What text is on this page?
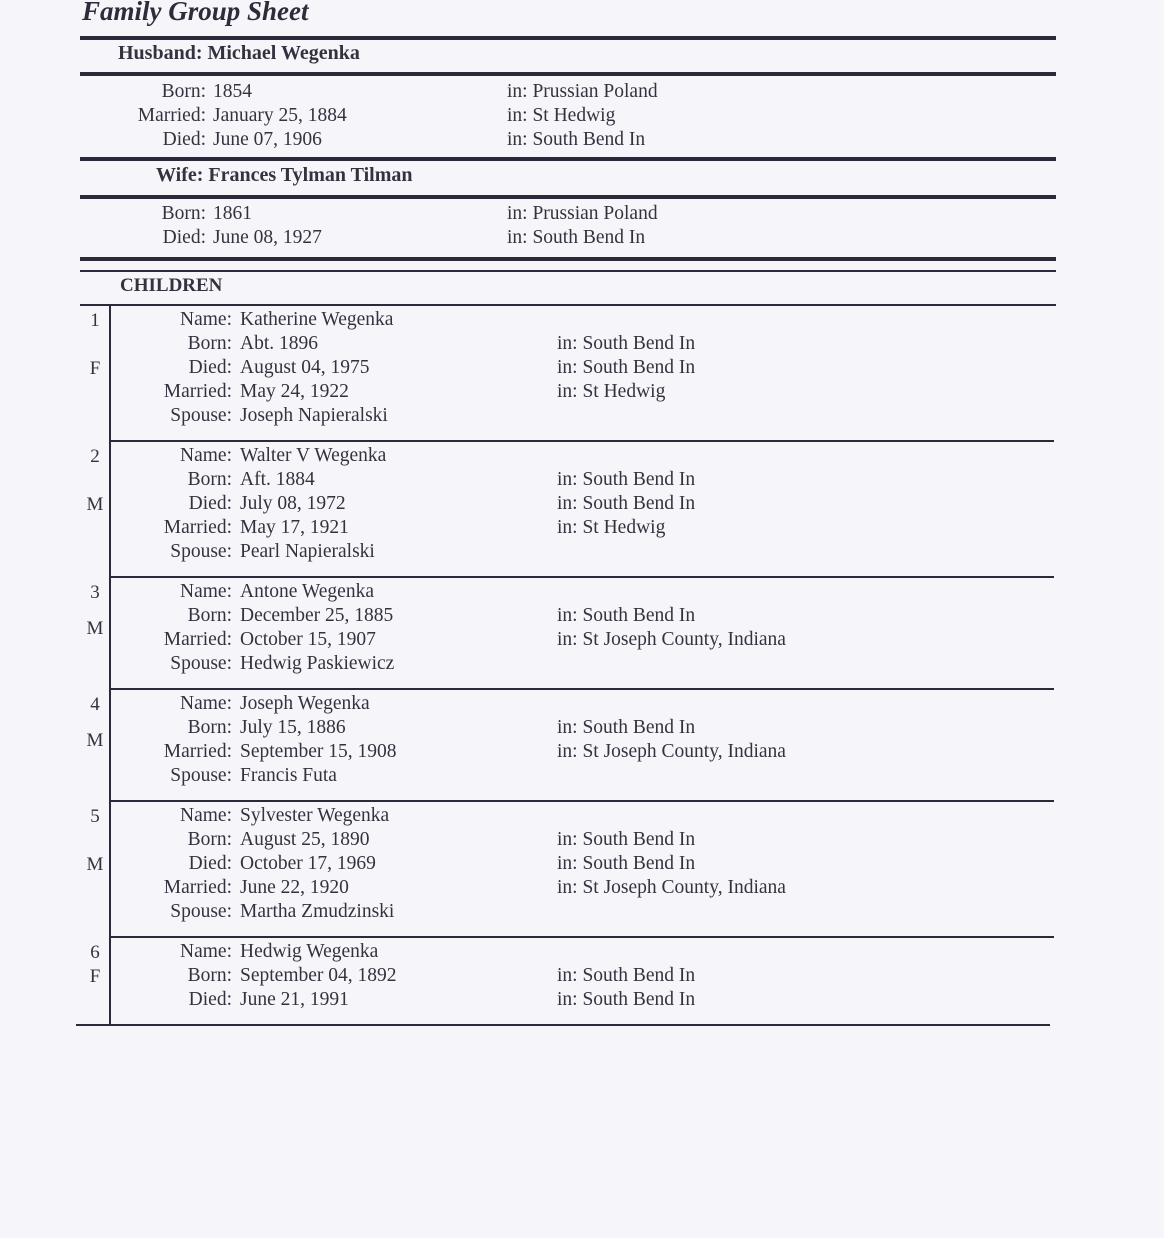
Family Group Sheet
Husband: Michael Wegenka
Born: 1854	in: Prussian Poland
Married: January 25, 1884	in: St Hedwig
Died: June 07, 1906	in: South Bend In
Wife: Frances Tylman Tilman
Born: 1861	in: Prussian Poland
Died: June 08, 1927	in: South Bend In
CHILDREN
1
F
Name: Katherine Wegenka
Born: Abt. 1896	in: South Bend In
Died: August 04, 1975	in: South Bend In
Married: May 24, 1922	in: St Hedwig
Spouse: Joseph Napieralski
2
M
Name: Walter V Wegenka
Born: Aft. 1884	in: South Bend In
Died: July 08, 1972	in: South Bend In
Married: May 17, 1921	in: St Hedwig
Spouse: Pearl Napieralski
3
M
Name: Antone Wegenka
Born: December 25, 1885	in: South Bend In
Married: October 15, 1907	in: St Joseph County, Indiana
Spouse: Hedwig Paskiewicz
4
M
Name: Joseph Wegenka
Born: July 15, 1886	in: South Bend In
Married: September 15, 1908	in: St Joseph County, Indiana
Spouse: Francis Futa
5
M
Name: Sylvester Wegenka
Born: August 25, 1890	in: South Bend In
Died: October 17, 1969	in: South Bend In
Married: June 22, 1920	in: St Joseph County, Indiana
Spouse: Martha Zmudzinski
6
F
Name: Hedwig Wegenka
Born: September 04, 1892	in: South Bend In
Died: June 21, 1991	in: South Bend In
